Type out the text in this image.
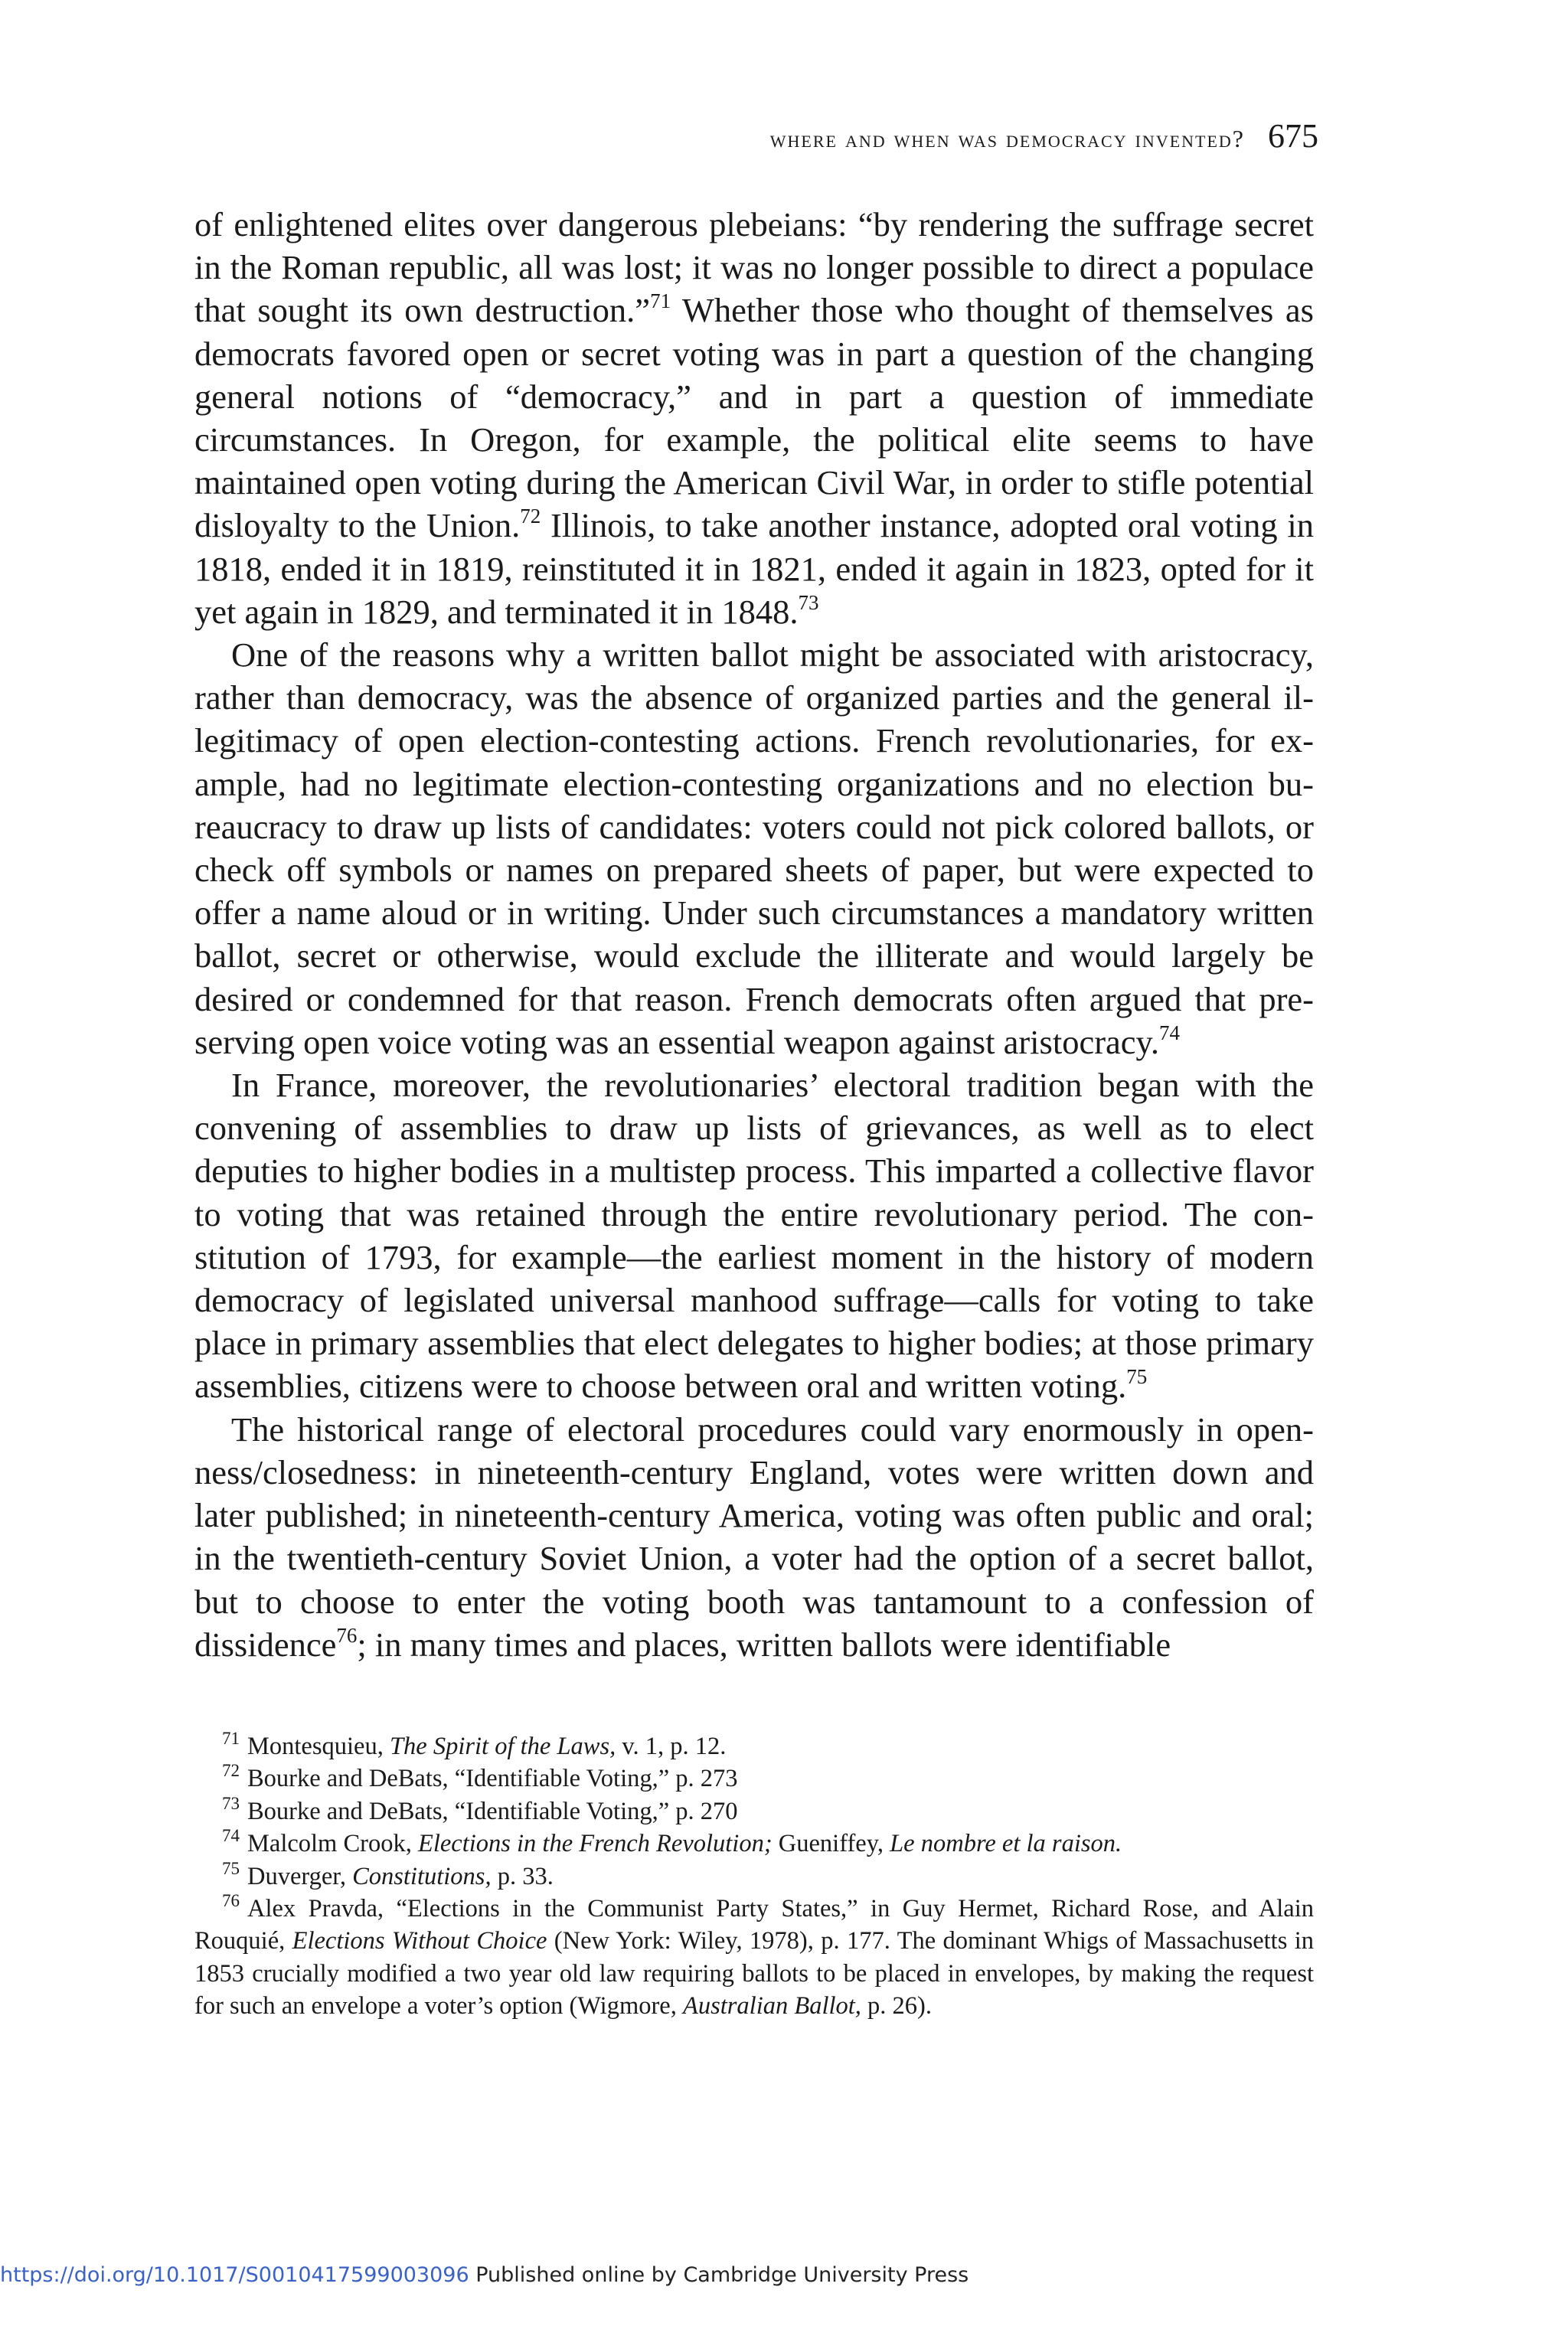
where and when was democracy invented? 675

of enlightened elites over dangerous plebeians: “by rendering the suffrage secret in the Roman republic, all was lost; it was no longer possible to direct a populace that sought its own destruction.”$^{71}$ Whether those who thought of themselves as democrats favored open or secret voting was in part a question of the changing general notions of “democracy,” and in part a question of immediate circumstances. In Oregon, for example, the political elite seems to have maintained open voting during the American Civil War, in order to stifle potential disloyalty to the Union.$^{72}$ Illinois, to take another instance, adopted oral voting in 1818, ended it in 1819, reinstituted it in 1821, ended it again in 1823, opted for it yet again in 1829, and terminated it in 1848.73

One of the reasons why a written ballot might be associated with aristocracy, rather than democracy, was the absence of organized parties and the general illegitimacy of open election-contesting actions. French revolutionaries, for example, had no legitimate election-contesting organizations and no election bureaucracy to draw up lists of candidates: voters could not pick colored ballots, or check off symbols or names on prepared sheets of paper, but were expected to offer a name aloud or in writing. Under such circumstances a mandatory written ballot, secret or otherwise, would exclude the illiterate and would largely be desired or condemned for that reason. French democrats often argued that preserving open voice voting was an essential weapon against aristocracy.$^{74}$

In France, moreover, the revolutionaries’ electoral tradition began with the convening of assemblies to draw up lists of grievances, as well as to elect deputies to higher bodies in a multistep process. This imparted a collective flavor to voting that was retained through the entire revolutionary period. The constitution of 1793, for example—the earliest moment in the history of modern democracy of legislated universal manhood suffrage—calls for voting to take place in primary assemblies that elect delegates to higher bodies; at those primary assemblies, citizens were to choose between oral and written voting.$^{75}$

The historical range of electoral procedures could vary enormously in openness/closedness: in nineteenth-century England, votes were written down and later published; in nineteenth-century America, voting was often public and oral; in the twentieth-century Soviet Union, a voter had the option of a secret ballot, but to choose to enter the voting booth was tantamount to a confession of dissidence$^{76}$; in many times and places, written ballots were identifiable

$^{71}$ Montesquieu, The Spirit of the Laws, v. 1, p. 12.

$^{72}$ Bourke and DeBats, “Identifiable Voting,” p. 273

$^{73}$ Bourke and DeBats, “Identifiable Voting,” p. 270

$^{74}$ Malcolm Crook, Elections in the French Revolution; Gueniffey, Le nombre et la raison.

$^{75}$ Duverger, Constitutions, p. 33.

$^{76}$ Alex Pravda, “Elections in the Communist Party States,” in Guy Hermet, Richard Rose, and Alain Rouquié, Elections Without Choice (New York: Wiley, 1978), p. 177. The dominant Whigs of Massachusetts in 1853 crucially modified a two year old law requiring ballots to be placed in envelopes, by making the request for such an envelope a voter’s option (Wigmore, Australian Ballot, p. 26).

https://doi.org/10.1017/S0010417599003096 Published online by Cambridge University Press
